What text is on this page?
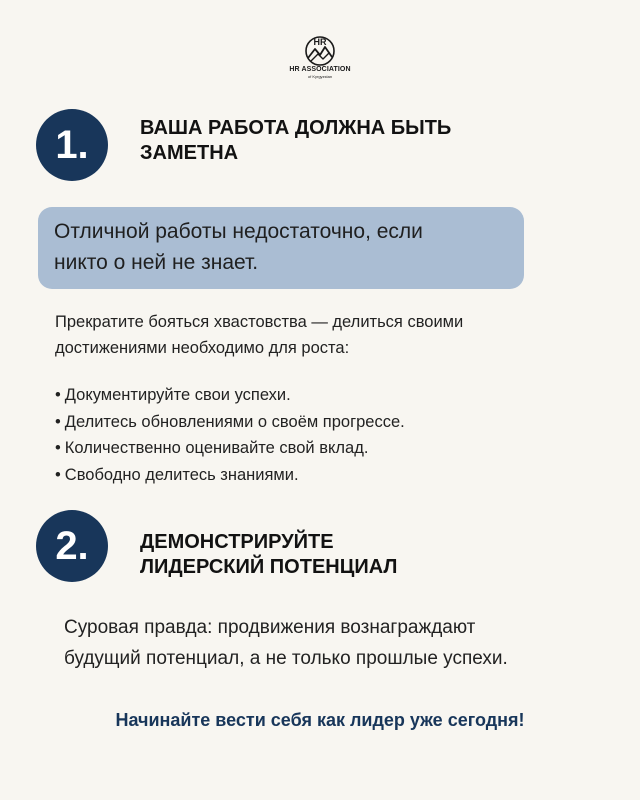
HR
HR ASSOCIATION
of Kyrgyzstan
1.	ВАША РАБОТА ДОЛЖНА БЫТЬ
ЗАМЕТНА
Отличной работы недостаточно, если
никто о ней не знает.
Прекратите бояться хвастовства — делиться своими
достижениями необходимо для роста:
• Документируйте свои успехи.
• Делитесь обновлениями о своём прогрессе.
• Количественно оценивайте свой вклад.
• Свободно делитесь знаниями.
2.	ДЕМОНСТРИРУЙТЕ
ЛИДЕРСКИЙ ПОТЕНЦИАЛ
Суровая правда: продвижения вознаграждают
будущий потенциал, а не только прошлые успехи.
Начинайте вести себя как лидер уже сегодня!
